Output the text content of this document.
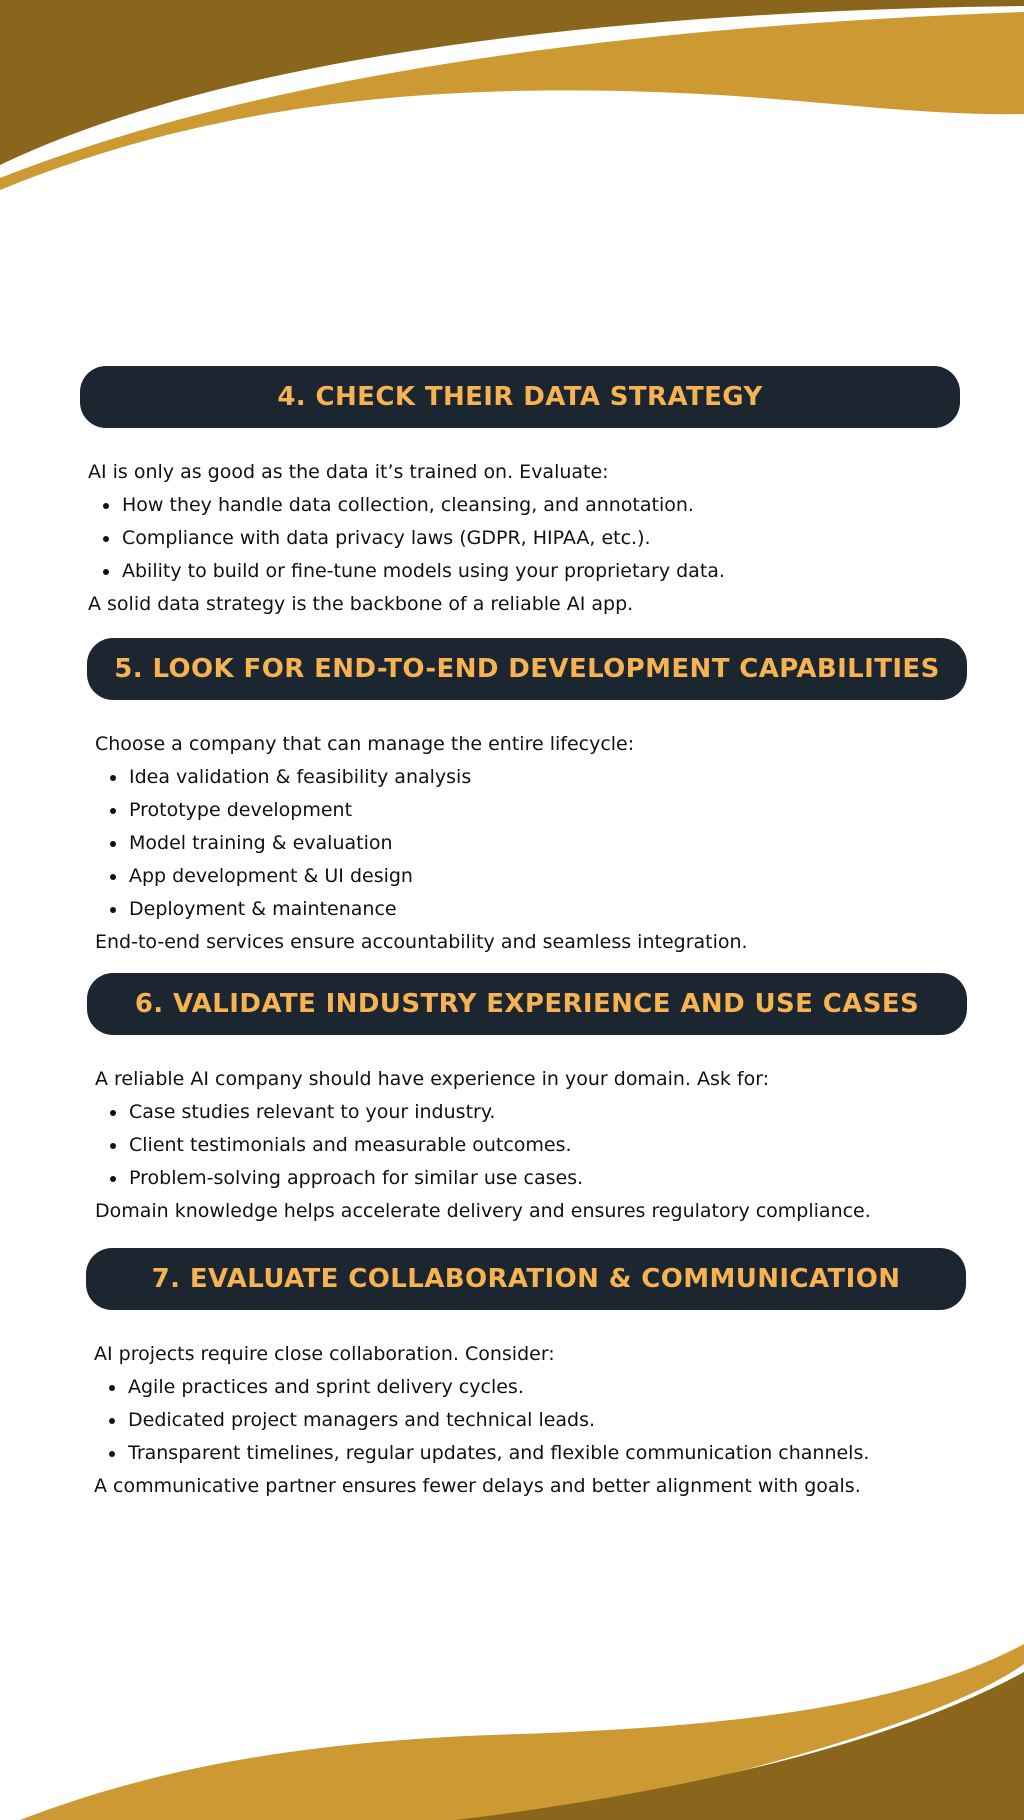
4. CHECK THEIR DATA STRATEGY

AI is only as good as the data it’s trained on. Evaluate:

How they handle data collection, cleansing, and annotation.
Compliance with data privacy laws (GDPR, HIPAA, etc.).
Ability to build or fine-tune models using your proprietary data.

A solid data strategy is the backbone of a reliable AI app.

5. LOOK FOR END-TO-END DEVELOPMENT CAPABILITIES

Choose a company that can manage the entire lifecycle:

Idea validation & feasibility analysis
Prototype development
Model training & evaluation
App development & UI design
Deployment & maintenance

End-to-end services ensure accountability and seamless integration.

6. VALIDATE INDUSTRY EXPERIENCE AND USE CASES

A reliable AI company should have experience in your domain. Ask for:

Case studies relevant to your industry.
Client testimonials and measurable outcomes.
Problem-solving approach for similar use cases.

Domain knowledge helps accelerate delivery and ensures regulatory compliance.

7. EVALUATE COLLABORATION & COMMUNICATION

AI projects require close collaboration. Consider:

Agile practices and sprint delivery cycles.
Dedicated project managers and technical leads.
Transparent timelines, regular updates, and flexible communication channels.

A communicative partner ensures fewer delays and better alignment with goals.
